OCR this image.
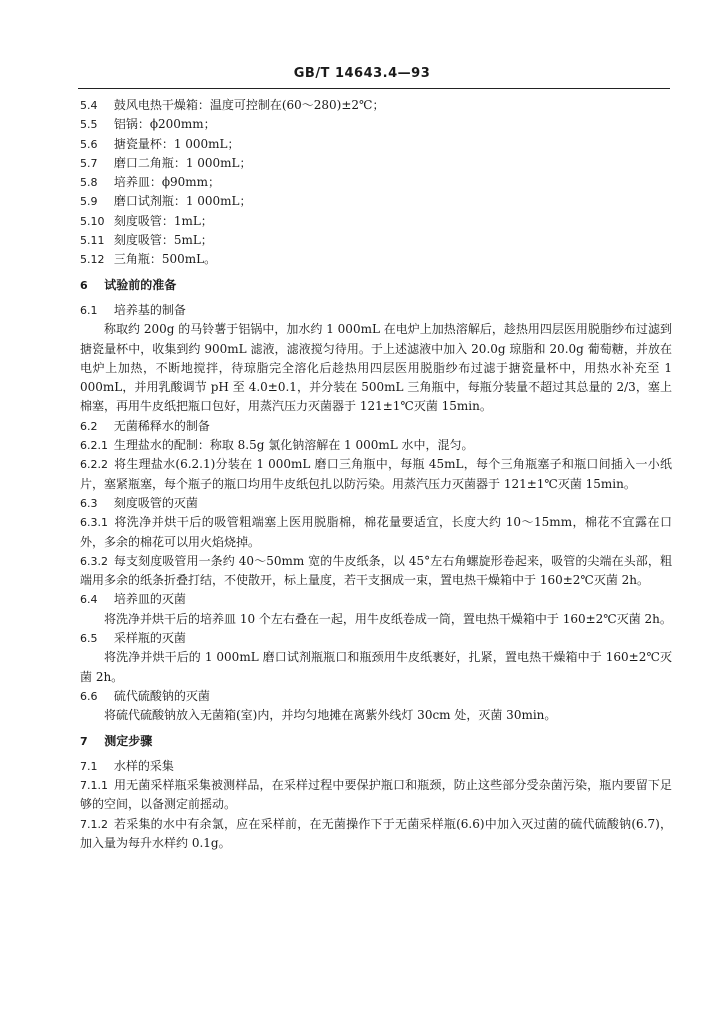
GB/T 14643.4—93
5.4 鼓风电热干燥箱：温度可控制在(60～280)±2℃；
5.5 铝锅：ϕ200mm；
5.6 搪瓷量杯：1 000mL；
5.7 磨口二角瓶：1 000mL；
5.8 培养皿：ϕ90mm；
5.9 磨口试剂瓶：1 000mL；
5.10 刻度吸管：1mL；
5.11 刻度吸管：5mL；
5.12 三角瓶：500mL。
6 试验前的准备
6.1 培养基的制备
称取约 200g 的马铃薯于铝锅中，加水约 1 000mL 在电炉上加热溶解后，趁热用四层医用脱脂纱布过滤到搪瓷量杯中，收集到约 900mL 滤液，滤液搅匀待用。于上述滤液中加入 20.0g 琼脂和 20.0g 葡萄糖，并放在电炉上加热，不断地搅拌，待琼脂完全溶化后趁热用四层医用脱脂纱布过滤于搪瓷量杯中，用热水补充至 1 000mL，并用乳酸调节 pH 至 4.0±0.1，并分装在 500mL 三角瓶中，每瓶分装量不超过其总量的 2/3，塞上棉塞，再用牛皮纸把瓶口包好，用蒸汽压力灭菌器于 121±1℃灭菌 15min。
6.2 无菌稀释水的制备
6.2.1 生理盐水的配制：称取 8.5g 氯化钠溶解在 1 000mL 水中，混匀。
6.2.2 将生理盐水(6.2.1)分装在 1 000mL 磨口三角瓶中，每瓶 45mL，每个三角瓶塞子和瓶口间插入一小纸片，塞紧瓶塞，每个瓶子的瓶口均用牛皮纸包扎以防污染。用蒸汽压力灭菌器于 121±1℃灭菌 15min。
6.3 刻度吸管的灭菌
6.3.1 将洗净并烘干后的吸管粗端塞上医用脱脂棉，棉花量要适宜，长度大约 10～15mm，棉花不宜露在口外，多余的棉花可以用火焰烧掉。
6.3.2 每支刻度吸管用一条约 40～50mm 宽的牛皮纸条，以 45°左右角螺旋形卷起来，吸管的尖端在头部，粗端用多余的纸条折叠打结，不使散开，标上量度，若干支捆成一束，置电热干燥箱中于 160±2℃灭菌 2h。
6.4 培养皿的灭菌
将洗净并烘干后的培养皿 10 个左右叠在一起，用牛皮纸卷成一筒，置电热干燥箱中于 160±2℃灭菌 2h。
6.5 采样瓶的灭菌
将洗净并烘干后的 1 000mL 磨口试剂瓶瓶口和瓶颈用牛皮纸裹好，扎紧，置电热干燥箱中于 160±2℃灭菌 2h。
6.6 硫代硫酸钠的灭菌
将硫代硫酸钠放入无菌箱(室)内，并均匀地摊在离紫外线灯 30cm 处，灭菌 30min。
7 测定步骤
7.1 水样的采集
7.1.1 用无菌采样瓶采集被测样品，在采样过程中要保护瓶口和瓶颈，防止这些部分受杂菌污染，瓶内要留下足够的空间，以备测定前摇动。
7.1.2 若采集的水中有余氯，应在采样前，在无菌操作下于无菌采样瓶(6.6)中加入灭过菌的硫代硫酸钠(6.7)，加入量为每升水样约 0.1g。
